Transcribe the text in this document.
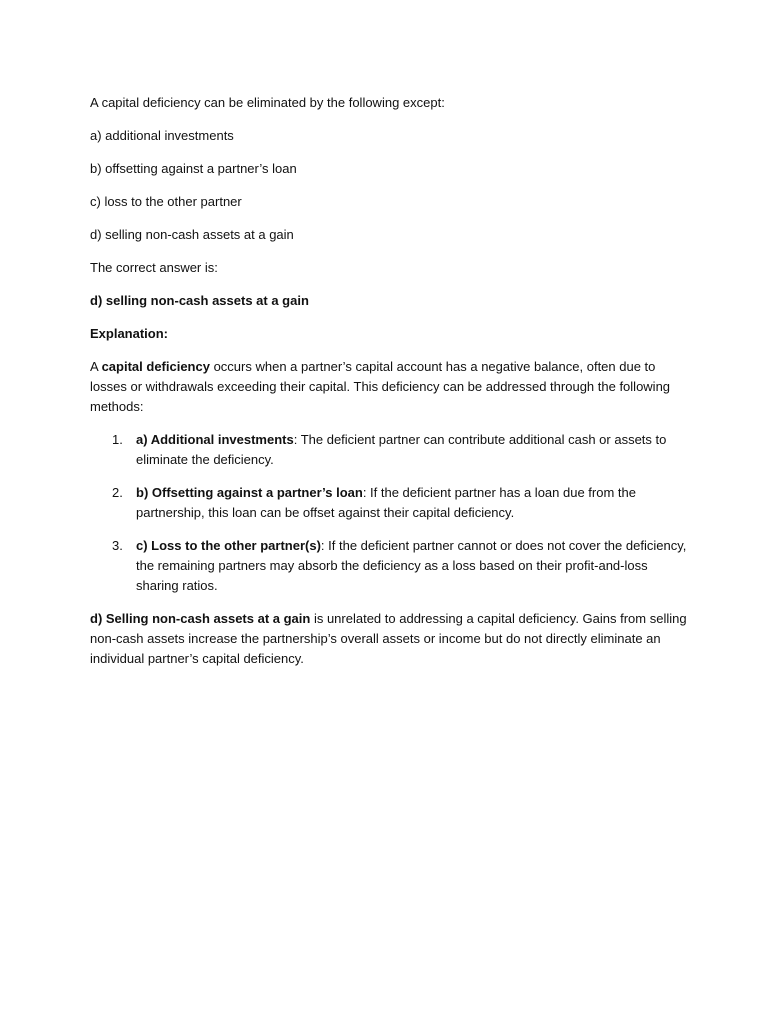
A capital deficiency can be eliminated by the following except:

a) additional investments

b) offsetting against a partner’s loan

c) loss to the other partner

d) selling non-cash assets at a gain

The correct answer is:

d) selling non-cash assets at a gain

Explanation:

A capital deficiency occurs when a partner’s capital account has a negative balance, often due to losses or withdrawals exceeding their capital. This deficiency can be addressed through the following methods:

1. a) Additional investments: The deficient partner can contribute additional cash or assets to eliminate the deficiency.
2. b) Offsetting against a partner’s loan: If the deficient partner has a loan due from the partnership, this loan can be offset against their capital deficiency.
3. c) Loss to the other partner(s): If the deficient partner cannot or does not cover the deficiency, the remaining partners may absorb the deficiency as a loss based on their profit-and-loss sharing ratios.

d) Selling non-cash assets at a gain is unrelated to addressing a capital deficiency. Gains from selling non-cash assets increase the partnership’s overall assets or income but do not directly eliminate an individual partner’s capital deficiency.
